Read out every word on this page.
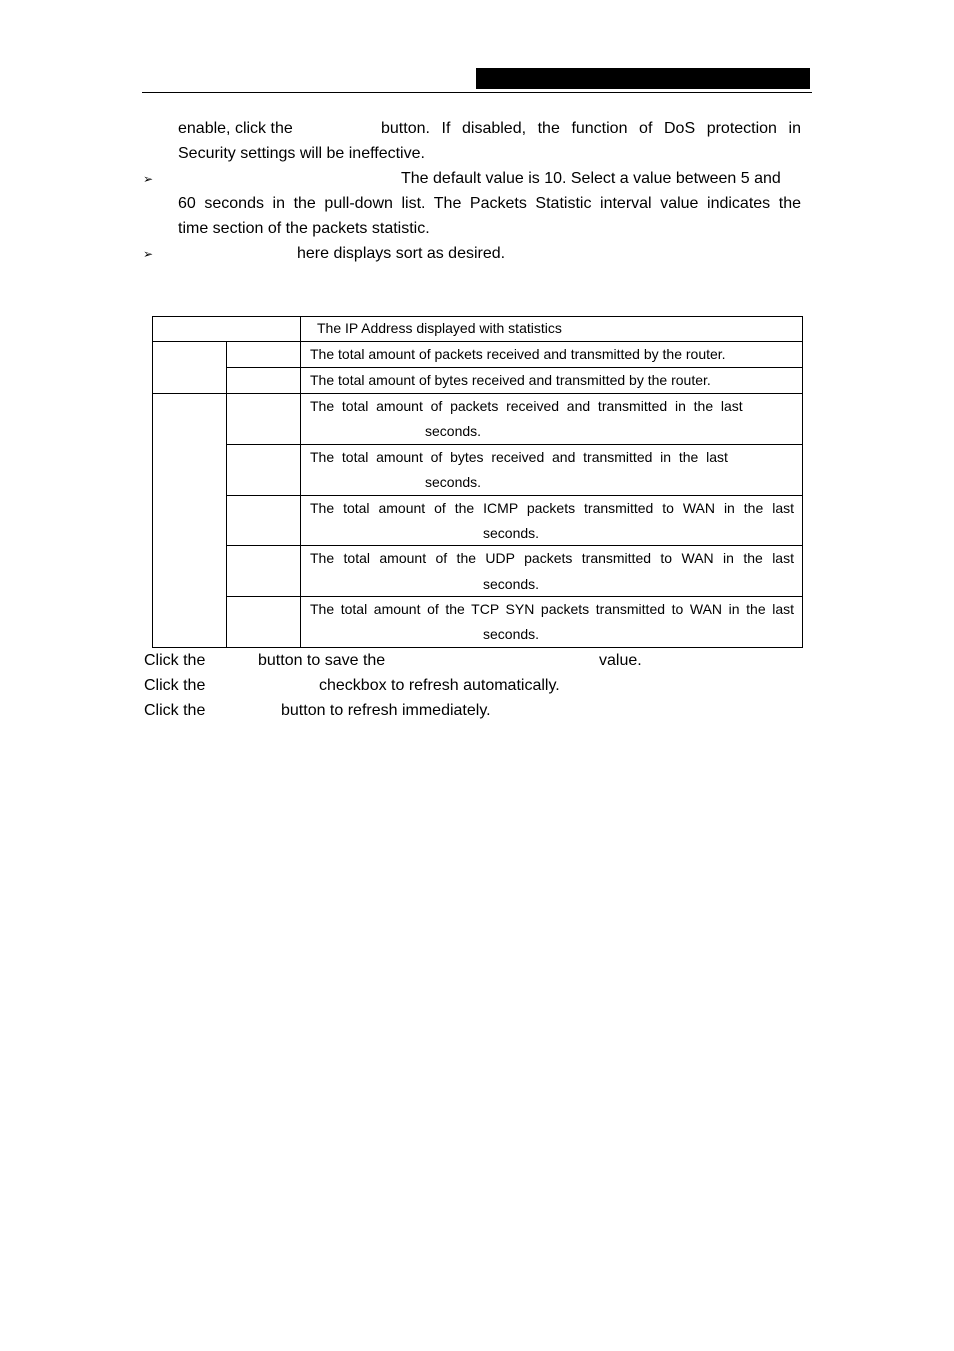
enable, click the	button. If disabled, the function of DoS protection in
Security settings will be ineffective.
➢	The default value is 10. Select a value between 5 and
60 seconds in the pull-down list. The Packets Statistic interval value indicates the
time section of the packets statistic.
➢	here displays sort as desired.
The IP Address displayed with statistics
The total amount of packets received and transmitted by the router.
The total amount of bytes received and transmitted by the router.
The  total  amount  of  packets  received  and  transmitted  in  the  last
seconds.
The  total  amount  of  bytes  received  and  transmitted  in  the  last
seconds.
The total amount of the ICMP packets transmitted to WAN in the last
seconds.
The total amount of the UDP packets transmitted to WAN in the last
seconds.
The total amount of the TCP SYN packets transmitted to WAN in the last
seconds.
Click the	button to save the	value.
Click the	checkbox to refresh automatically.
Click the	button to refresh immediately.
